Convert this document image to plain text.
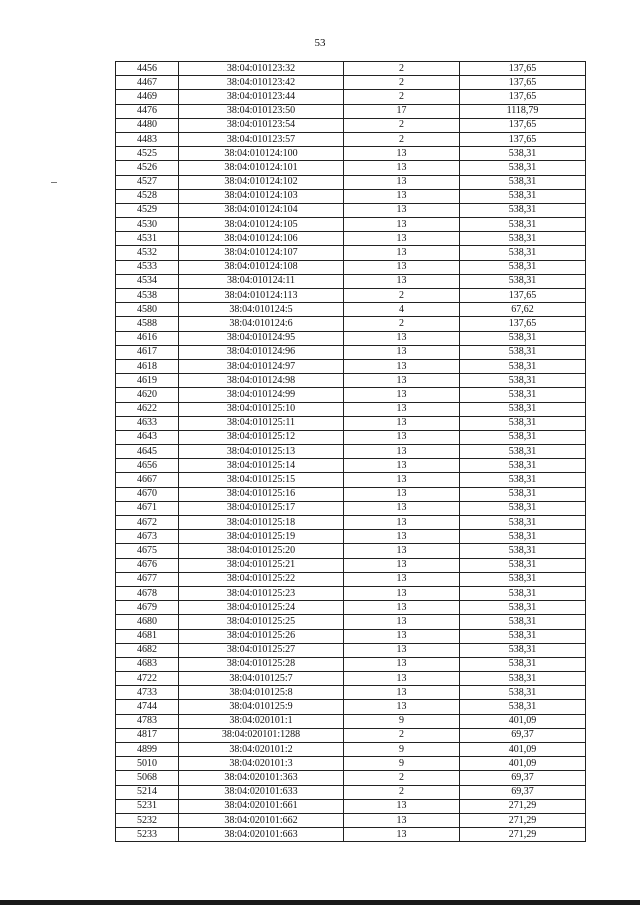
53
4456	38:04:010123:32	2	137,65
4467	38:04:010123:42	2	137,65
4469	38:04:010123:44	2	137,65
4476	38:04:010123:50	17	1118,79
4480	38:04:010123:54	2	137,65
4483	38:04:010123:57	2	137,65
4525	38:04:010124:100	13	538,31
4526	38:04:010124:101	13	538,31
4527	38:04:010124:102	13	538,31
4528	38:04:010124:103	13	538,31
4529	38:04:010124:104	13	538,31
4530	38:04:010124:105	13	538,31
4531	38:04:010124:106	13	538,31
4532	38:04:010124:107	13	538,31
4533	38:04:010124:108	13	538,31
4534	38:04:010124:11	13	538,31
4538	38:04:010124:113	2	137,65
4580	38:04:010124:5	4	67,62
4588	38:04:010124:6	2	137,65
4616	38:04:010124:95	13	538,31
4617	38:04:010124:96	13	538,31
4618	38:04:010124:97	13	538,31
4619	38:04:010124:98	13	538,31
4620	38:04:010124:99	13	538,31
4622	38:04:010125:10	13	538,31
4633	38:04:010125:11	13	538,31
4643	38:04:010125:12	13	538,31
4645	38:04:010125:13	13	538,31
4656	38:04:010125:14	13	538,31
4667	38:04:010125:15	13	538,31
4670	38:04:010125:16	13	538,31
4671	38:04:010125:17	13	538,31
4672	38:04:010125:18	13	538,31
4673	38:04:010125:19	13	538,31
4675	38:04:010125:20	13	538,31
4676	38:04:010125:21	13	538,31
4677	38:04:010125:22	13	538,31
4678	38:04:010125:23	13	538,31
4679	38:04:010125:24	13	538,31
4680	38:04:010125:25	13	538,31
4681	38:04:010125:26	13	538,31
4682	38:04:010125:27	13	538,31
4683	38:04:010125:28	13	538,31
4722	38:04:010125:7	13	538,31
4733	38:04:010125:8	13	538,31
4744	38:04:010125:9	13	538,31
4783	38:04:020101:1	9	401,09
4817	38:04:020101:1288	2	69,37
4899	38:04:020101:2	9	401,09
5010	38:04:020101:3	9	401,09
5068	38:04:020101:363	2	69,37
5214	38:04:020101:633	2	69,37
5231	38:04:020101:661	13	271,29
5232	38:04:020101:662	13	271,29
5233	38:04:020101:663	13	271,29
